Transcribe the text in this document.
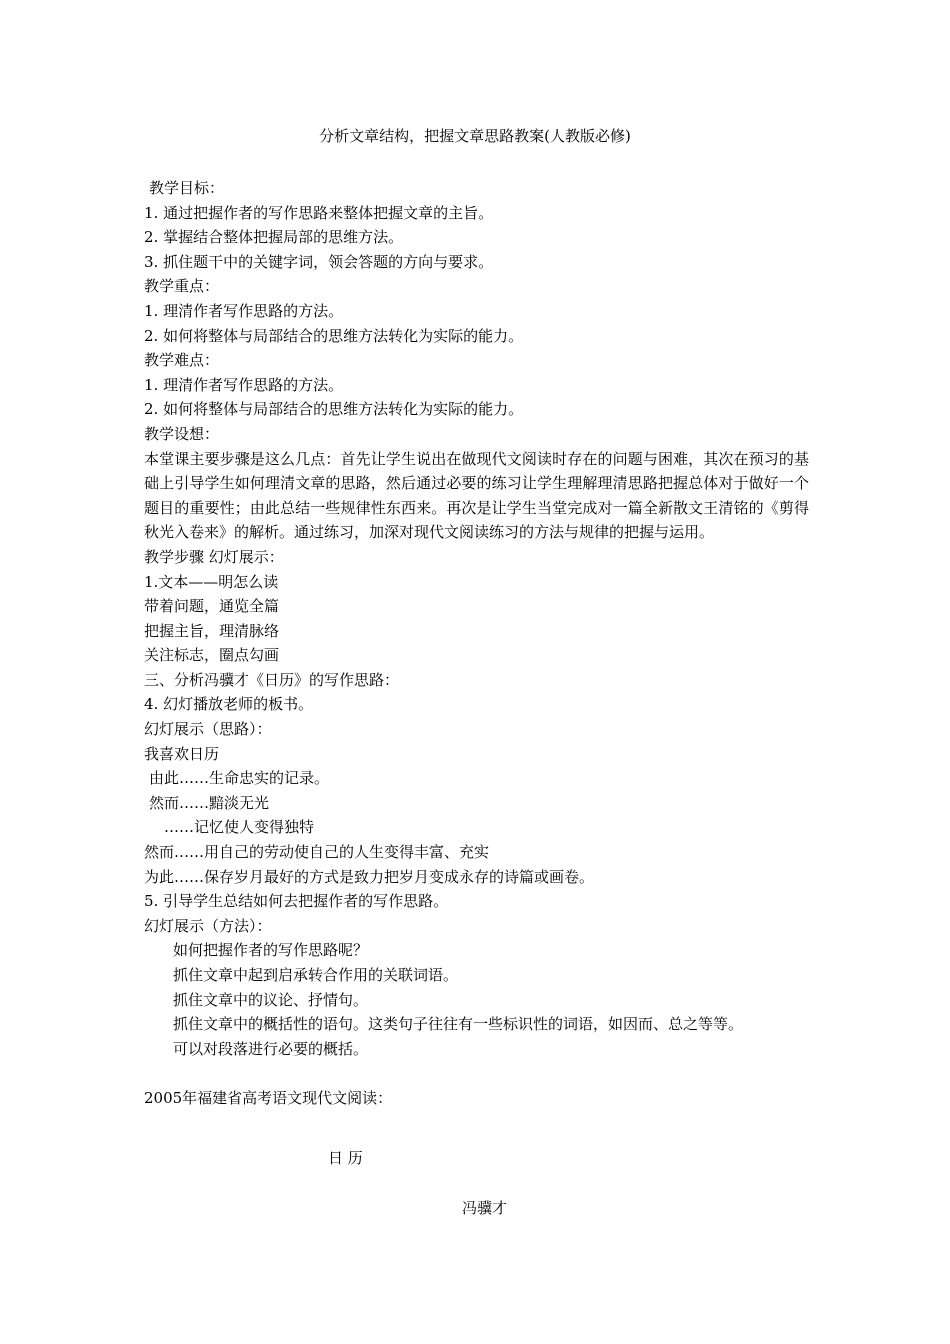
分析文章结构，把握文章思路教案(人教版必修)
教学目标：
1. 通过把握作者的写作思路来整体把握文章的主旨。
2. 掌握结合整体把握局部的思维方法。
3. 抓住题干中的关键字词，领会答题的方向与要求。
教学重点：
1. 理清作者写作思路的方法。
2. 如何将整体与局部结合的思维方法转化为实际的能力。
教学难点：
1. 理清作者写作思路的方法。
2. 如何将整体与局部结合的思维方法转化为实际的能力。
教学设想：
本堂课主要步骤是这么几点：首先让学生说出在做现代文阅读时存在的问题与困难，其次在预习的基础上引导学生如何理清文章的思路，然后通过必要的练习让学生理解理清思路把握总体对于做好一个题目的重要性；由此总结一些规律性东西来。再次是让学生当堂完成对一篇全新散文王清铭的《剪得秋光入卷来》的解析。通过练习，加深对现代文阅读练习的方法与规律的把握与运用。
教学步骤 幻灯展示：
1.文本——明怎么读
带着问题，通览全篇
把握主旨，理清脉络
关注标志，圈点勾画
三、分析冯骥才《日历》的写作思路：
4. 幻灯播放老师的板书。
幻灯展示（思路）：
我喜欢日历
由此……生命忠实的记录。
然而……黯淡无光
……记忆使人变得独特
然而……用自己的劳动使自己的人生变得丰富、充实
为此……保存岁月最好的方式是致力把岁月变成永存的诗篇或画卷。
5. 引导学生总结如何去把握作者的写作思路。
幻灯展示（方法）：
如何把握作者的写作思路呢？
抓住文章中起到启承转合作用的关联词语。
抓住文章中的议论、抒情句。
抓住文章中的概括性的语句。这类句子往往有一些标识性的词语，如因而、总之等等。
可以对段落进行必要的概括。
2005年福建省高考语文现代文阅读：
日 历
冯骥才
